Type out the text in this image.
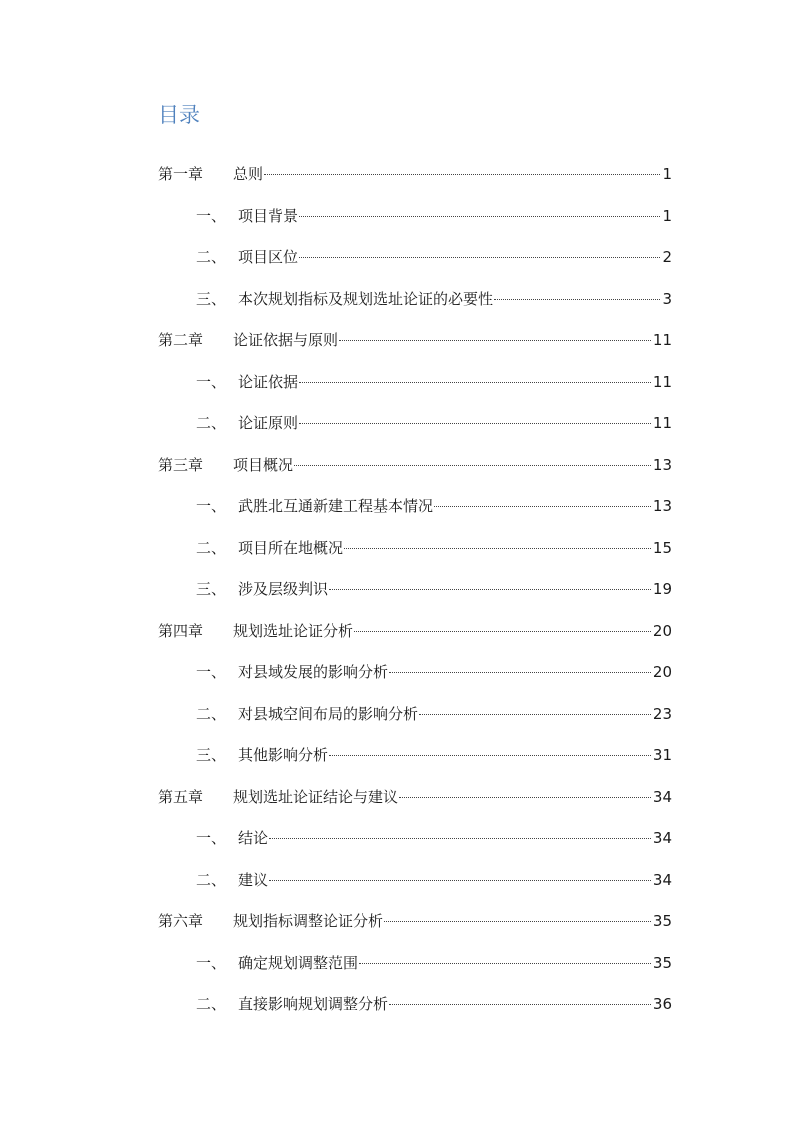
目录
第一章	总则	1
一、 项目背景	1
二、 项目区位	2
三、 本次规划指标及规划选址论证的必要性	3
第二章	论证依据与原则	11
一、 论证依据	11
二、 论证原则	11
第三章	项目概况	13
一、 武胜北互通新建工程基本情况	13
二、 项目所在地概况	15
三、 涉及层级判识	19
第四章	规划选址论证分析	20
一、 对县域发展的影响分析	20
二、 对县城空间布局的影响分析	23
三、 其他影响分析	31
第五章	规划选址论证结论与建议	34
一、 结论	34
二、 建议	34
第六章	规划指标调整论证分析	35
一、 确定规划调整范围	35
二、 直接影响规划调整分析	36
